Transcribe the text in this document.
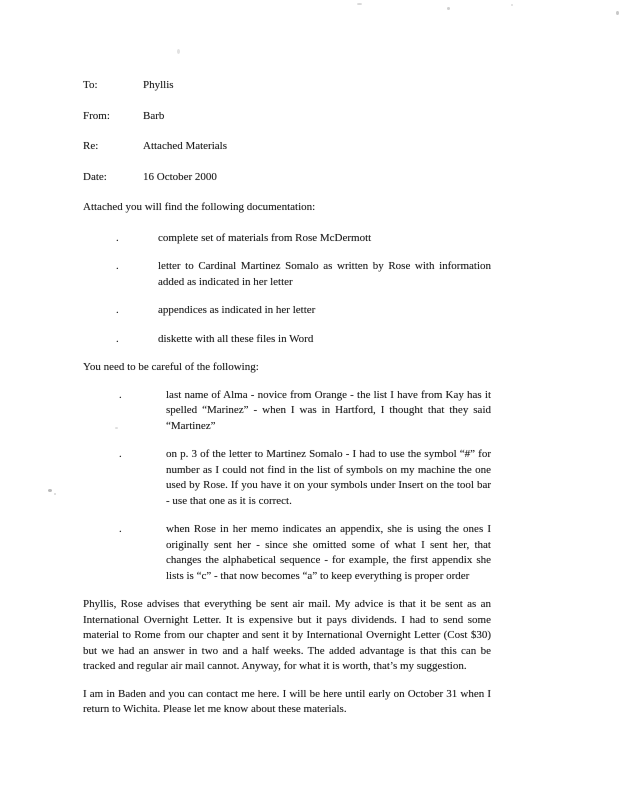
To:	Phyllis
From:	Barb
Re:	Attached Materials
Date:	16 October 2000

Attached you will find the following documentation:

.	complete set of materials from Rose McDermott
.	letter to Cardinal Martinez Somalo as written by Rose with information added as indicated in her letter
.	appendices as indicated in her letter
.	diskette with all these files in Word

You need to be careful of the following:

.	last name of Alma - novice from Orange - the list I have from Kay has it spelled “Marinez” - when I was in Hartford, I thought that they said “Martinez”
.	on p. 3 of the letter to Martinez Somalo - I had to use the symbol “#” for number as I could not find in the list of symbols on my machine the one used by Rose. If you have it on your symbols under Insert on the tool bar - use that one as it is correct.
.	when Rose in her memo indicates an appendix, she is using the ones I originally sent her - since she omitted some of what I sent her, that changes the alphabetical sequence - for example, the first appendix she lists is “c” - that now becomes “a” to keep everything is proper order

Phyllis, Rose advises that everything be sent air mail. My advice is that it be sent as an International Overnight Letter. It is expensive but it pays dividends. I had to send some material to Rome from our chapter and sent it by International Overnight Letter (Cost $30) but we had an answer in two and a half weeks. The added advantage is that this can be tracked and regular air mail cannot. Anyway, for what it is worth, that’s my suggestion.

I am in Baden and you can contact me here. I will be here until early on October 31 when I return to Wichita. Please let me know about these materials.
